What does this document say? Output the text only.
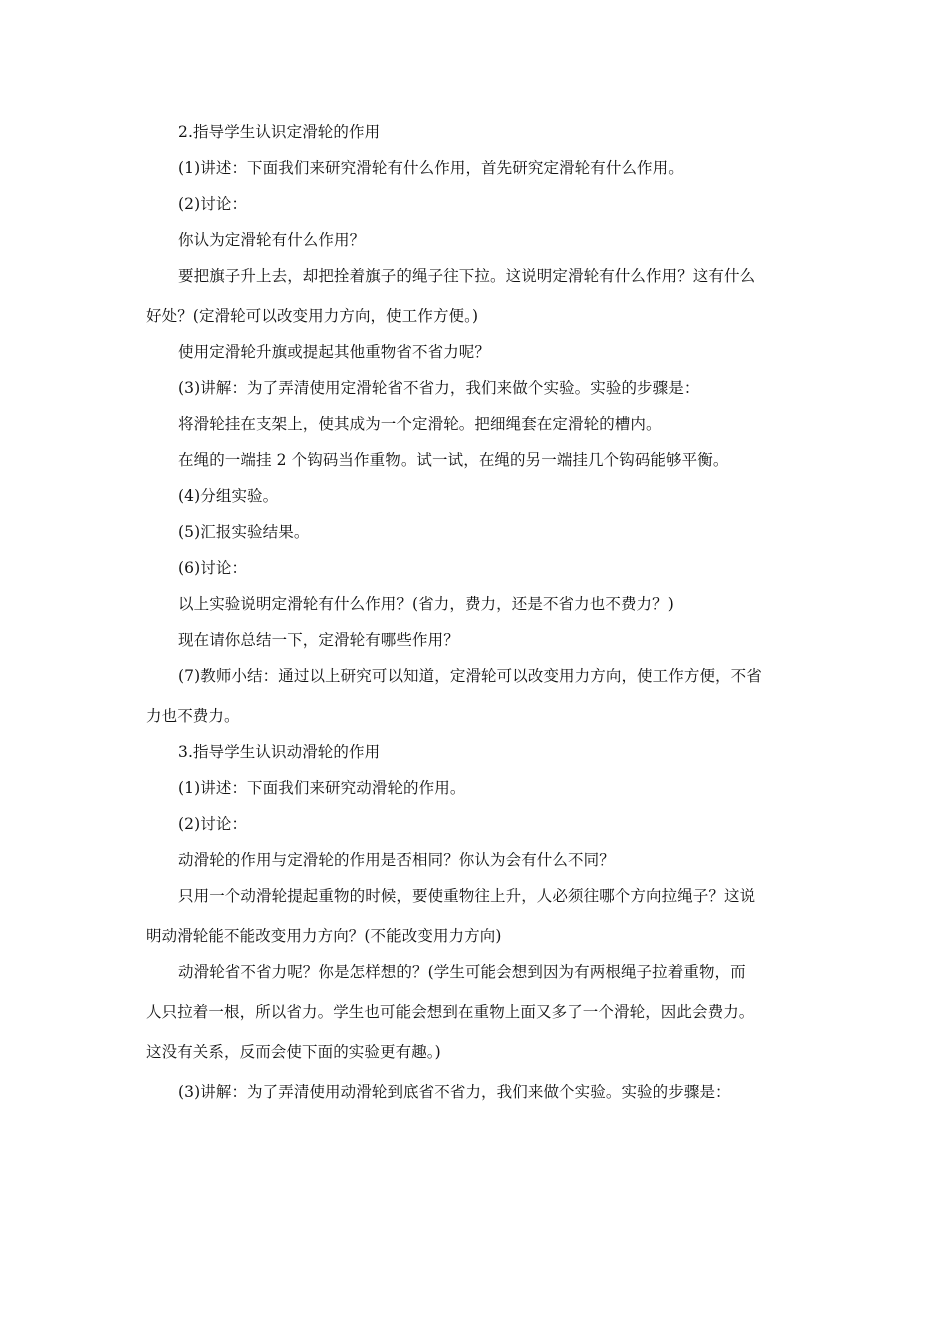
2.指导学生认识定滑轮的作用
(1)讲述：下面我们来研究滑轮有什么作用，首先研究定滑轮有什么作用。
(2)讨论：
你认为定滑轮有什么作用？
要把旗子升上去，却把拴着旗子的绳子往下拉。这说明定滑轮有什么作用？这有什么
好处？(定滑轮可以改变用力方向，使工作方便。)
使用定滑轮升旗或提起其他重物省不省力呢？
(3)讲解：为了弄清使用定滑轮省不省力，我们来做个实验。实验的步骤是：
将滑轮挂在支架上，使其成为一个定滑轮。把细绳套在定滑轮的槽内。
在绳的一端挂 2 个钩码当作重物。试一试，在绳的另一端挂几个钩码能够平衡。
(4)分组实验。
(5)汇报实验结果。
(6)讨论：
以上实验说明定滑轮有什么作用？(省力，费力，还是不省力也不费力？)
现在请你总结一下，定滑轮有哪些作用？
(7)教师小结：通过以上研究可以知道，定滑轮可以改变用力方向，使工作方便，不省
力也不费力。
3.指导学生认识动滑轮的作用
(1)讲述：下面我们来研究动滑轮的作用。
(2)讨论：
动滑轮的作用与定滑轮的作用是否相同？你认为会有什么不同？
只用一个动滑轮提起重物的时候，要使重物往上升，人必须往哪个方向拉绳子？这说
明动滑轮能不能改变用力方向？(不能改变用力方向)
动滑轮省不省力呢？你是怎样想的？(学生可能会想到因为有两根绳子拉着重物，而
人只拉着一根，所以省力。学生也可能会想到在重物上面又多了一个滑轮，因此会费力。
这没有关系，反而会使下面的实验更有趣。)
(3)讲解：为了弄清使用动滑轮到底省不省力，我们来做个实验。实验的步骤是：
